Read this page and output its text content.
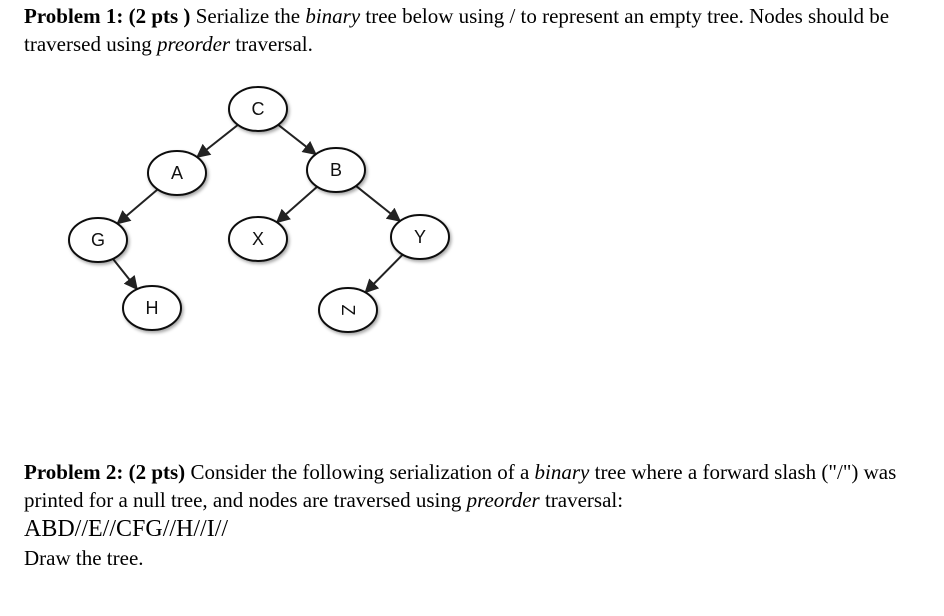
Problem 1: (2 pts ) Serialize the binary tree below using / to represent an empty tree. Nodes should be traversed using preorder traversal.

C
A	B
G	X	Y
H	Z

Problem 2: (2 pts) Consider the following serialization of a binary tree where a forward slash ("/") was printed for a null tree, and nodes are traversed using preorder traversal:

ABD//E//CFG//H//I//
Draw the tree.
